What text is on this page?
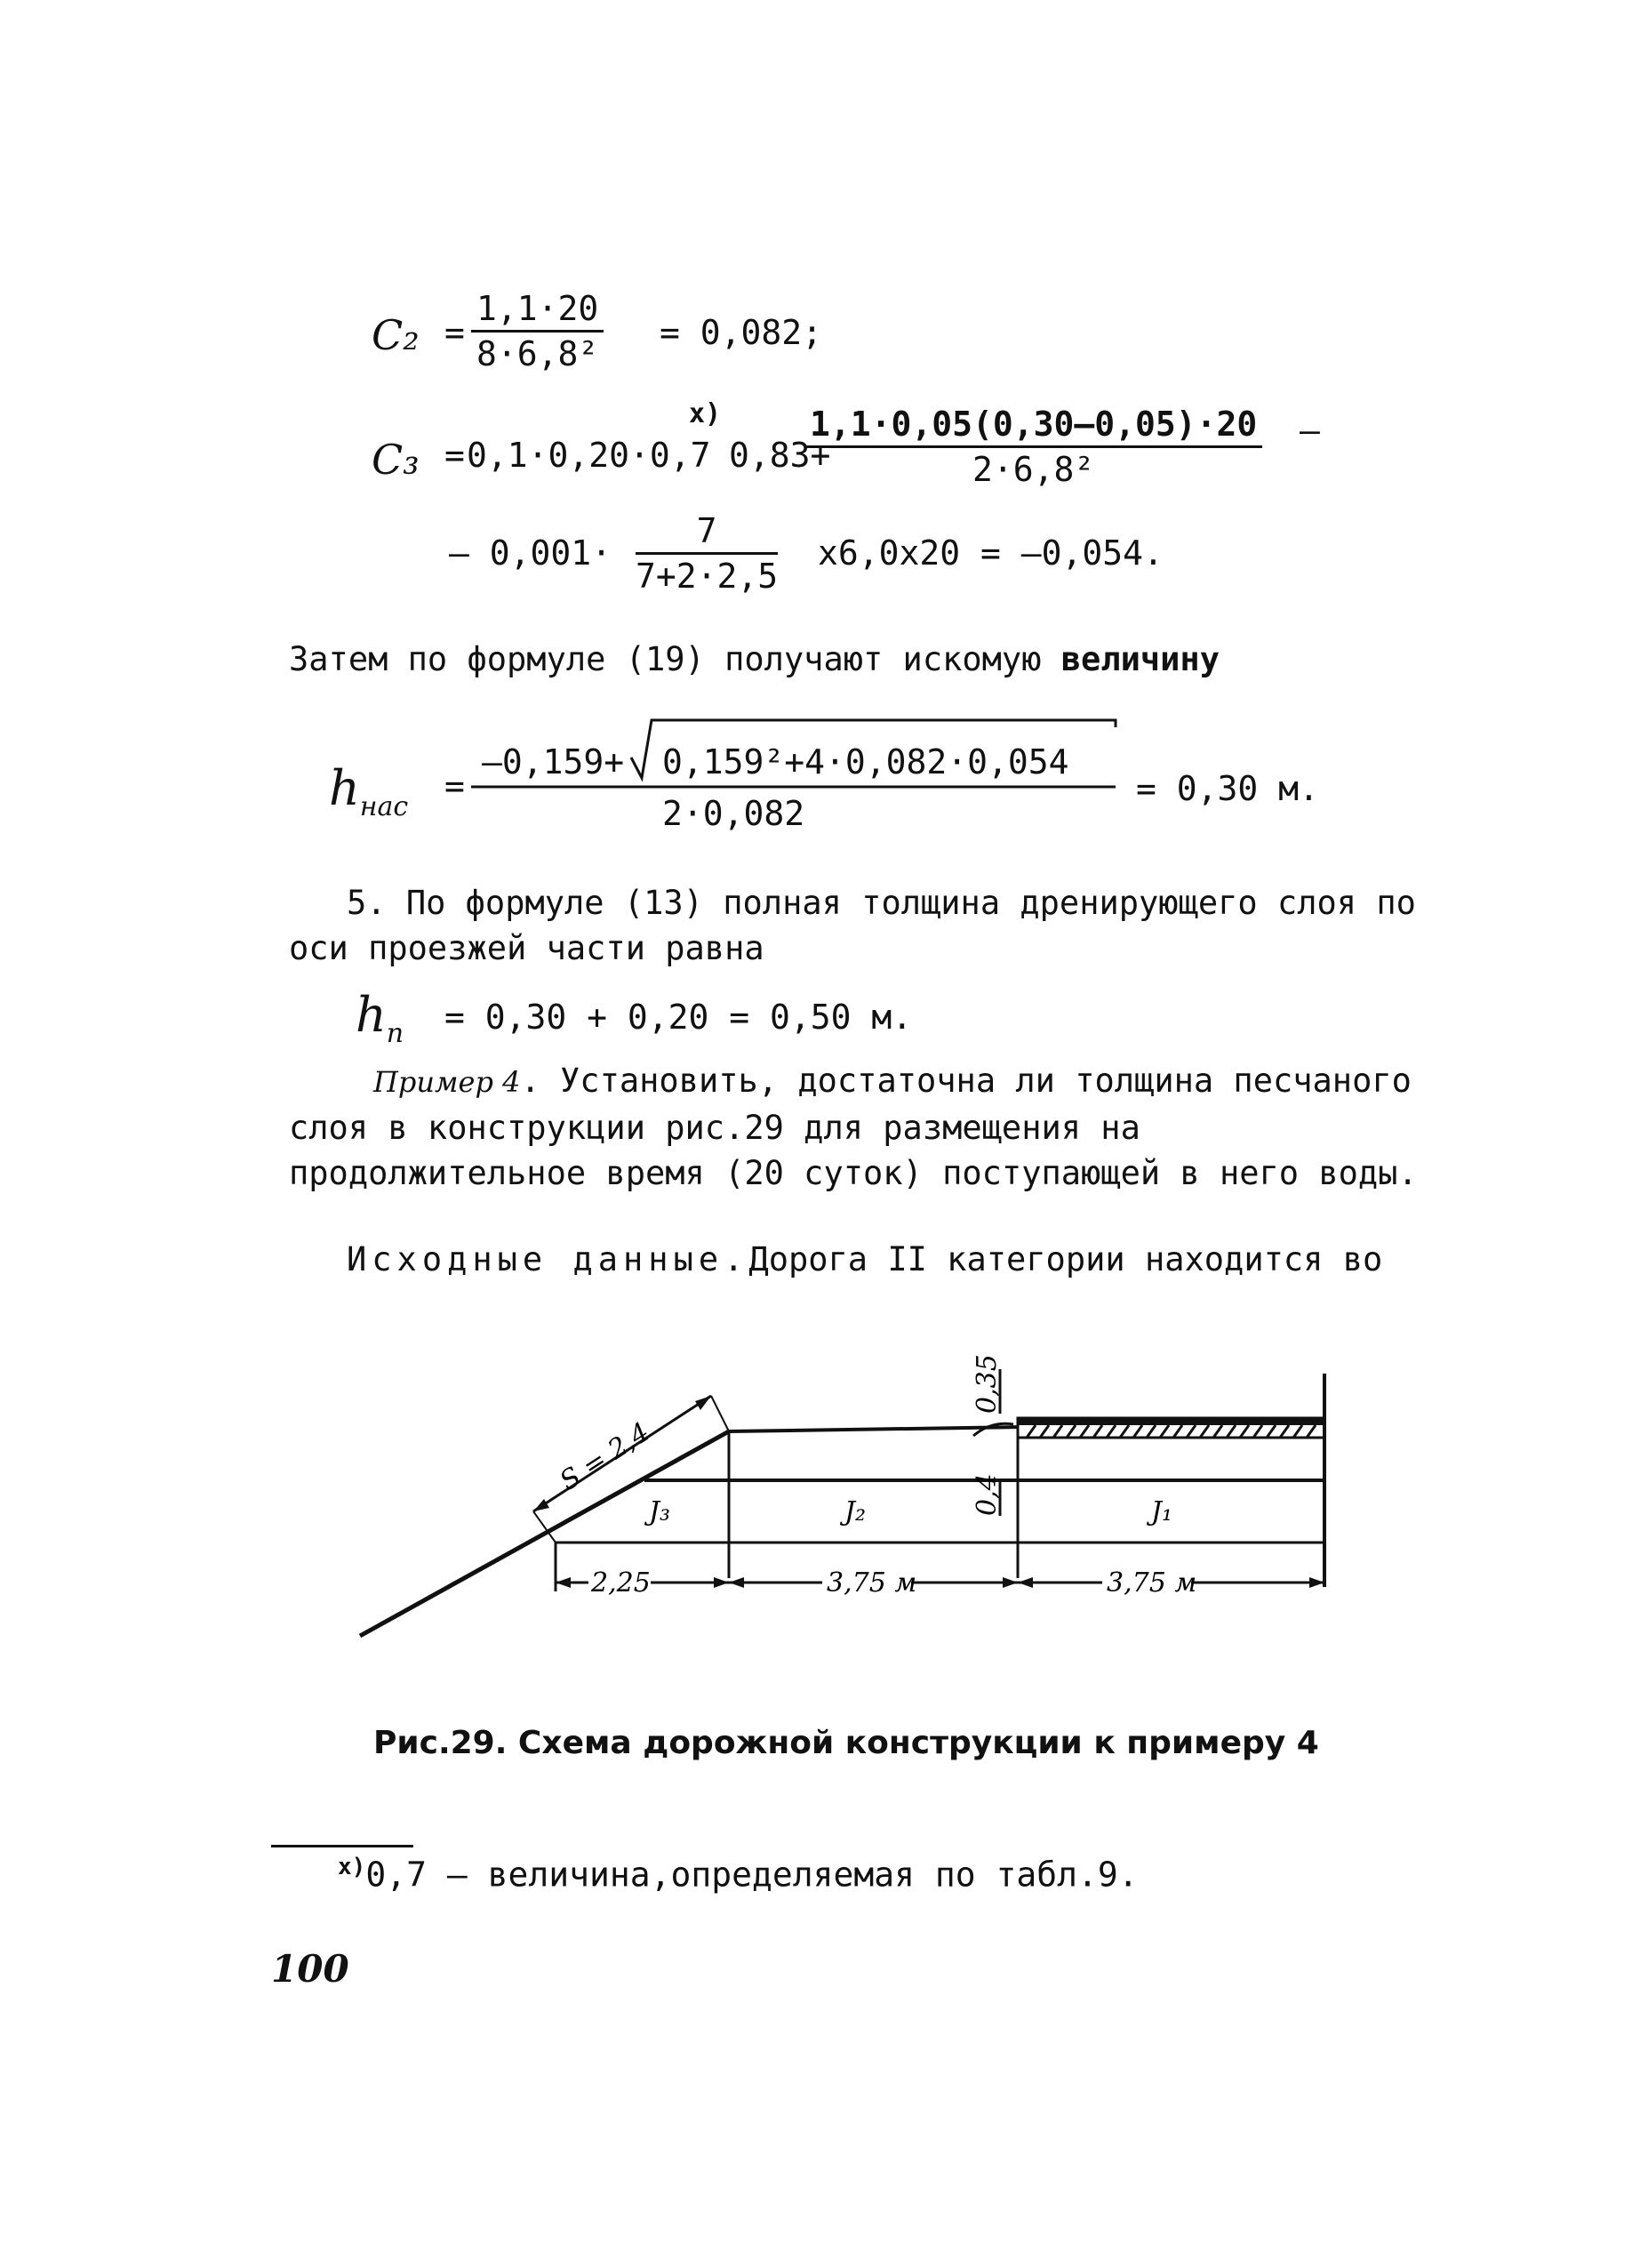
$C_2 = \frac{1,1\cdot 20}{\text{8·6,8²}} = 0,082$;
C₃ = 0,1·0,20·0,7
x)
0,83+
$\frac{1,1\cdot 0,05(0,30-0,05)\cdot 20}{\text{2·6,8²}}$ –
– $0,001\cdot \frac{7}{7+2\cdot 2,5} x6,0x20 = -0,054$.
Затем по формуле (19) получают искомую величину
$h_{нас}$
=
–0,159+ 0,159²+4·0,082·0,054
2·0,082
= 0,30 м.
5. По формуле (13) полная толщина дренирующего слоя по оси проезжей части равна
$h_п = 0,30 + 0,20 = 0,50$ м.
Пример 4. Установить, достаточна ли толщина песчаного слоя в конструкции рис.29 для размещения на продолжительное время (20 суток) поступающей в него воды.
Исходные данные.Дорога II категории находится во
S = 2,4
0,35
0,4
J₃	J₂	J₁
2,25	3,75 м	3,75 м
Рис.29. Схема дорожной конструкции к примеру 4
$^{x)}$0,7 – величина,определяемая по табл.9.
100
